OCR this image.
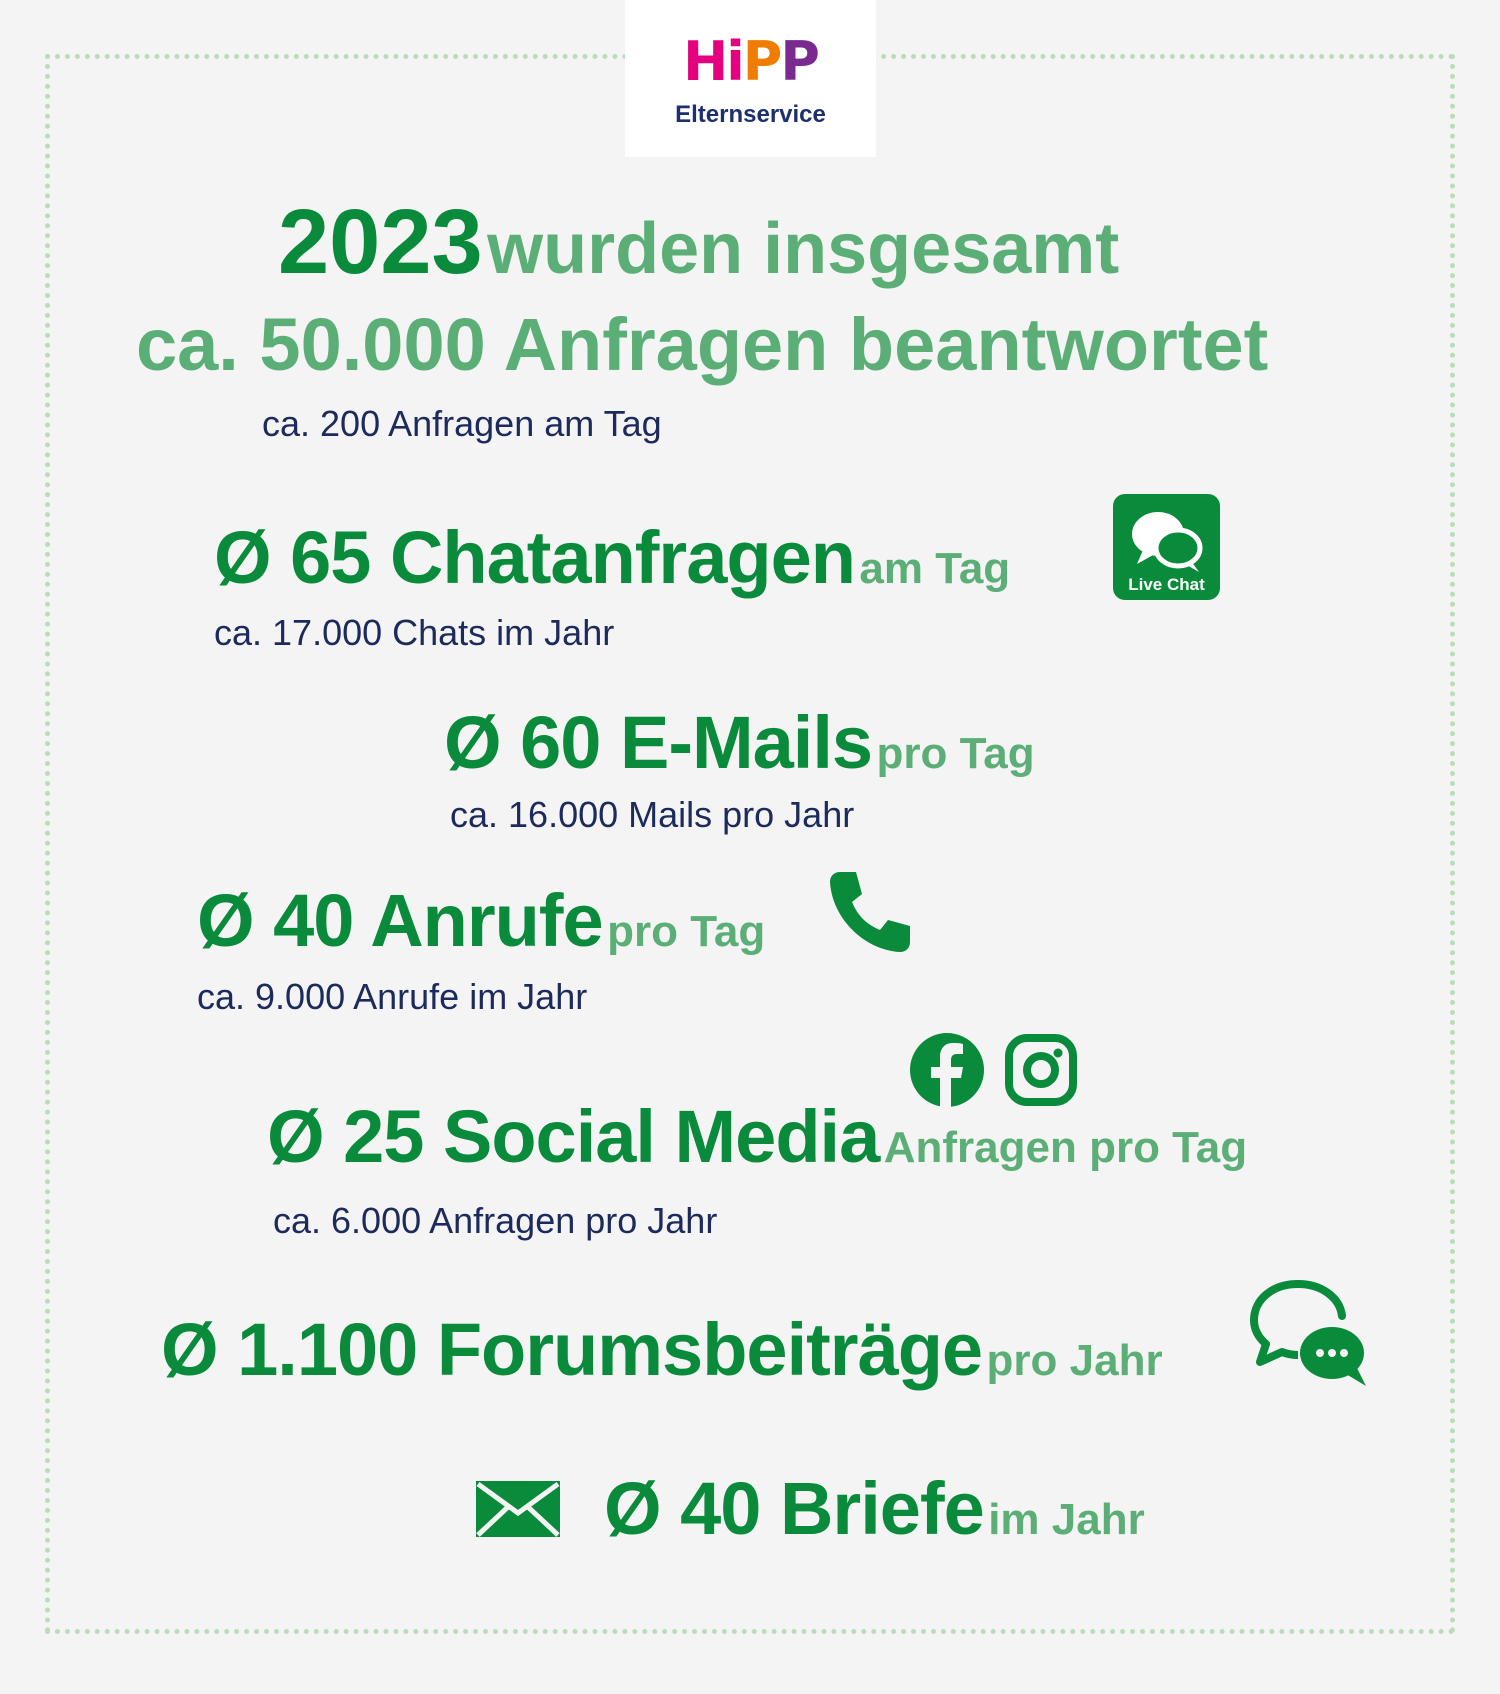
HiPP
Elternservice
2023 wurden insgesamt
ca. 50.000 Anfragen beantwortet
ca. 200 Anfragen am Tag
Ø 65 Chatanfragen am Tag
ca. 17.000 Chats im Jahr
Live Chat
Ø 60 E-Mails pro Tag
ca. 16.000 Mails pro Jahr
Ø 40 Anrufe pro Tag
ca. 9.000 Anrufe im Jahr
Ø 25 Social Media Anfragen pro Tag
ca. 6.000 Anfragen pro Jahr
Ø 1.100 Forumsbeiträge pro Jahr
Ø 40 Briefe im Jahr
